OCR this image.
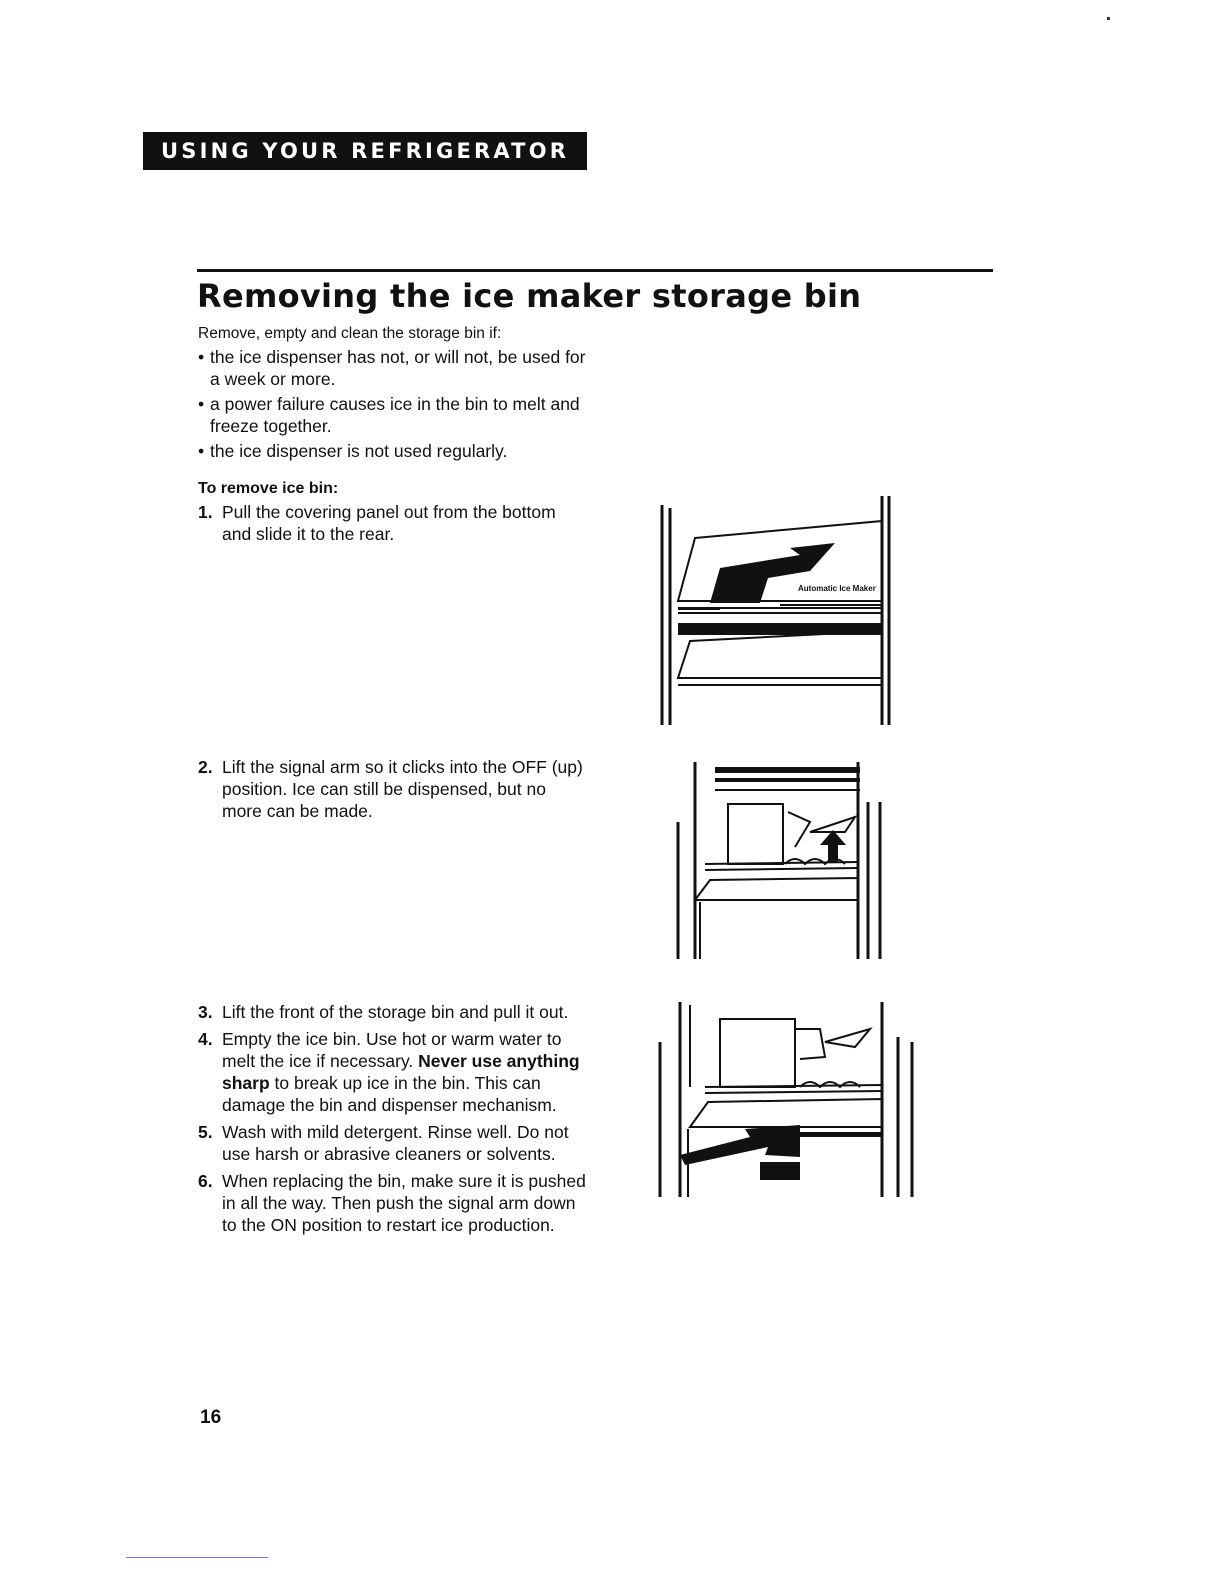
USING YOUR REFRIGERATOR
Removing the ice maker storage bin
Remove, empty and clean the storage bin if:
• the ice dispenser has not, or will not, be used for a week or more.
• a power failure causes ice in the bin to melt and freeze together.
• the ice dispenser is not used regularly.
To remove ice bin:
1. Pull the covering panel out from the bottom and slide it to the rear.
2. Lift the signal arm so it clicks into the OFF (up) position. Ice can still be dispensed, but no more can be made.
3. Lift the front of the storage bin and pull it out.
4. Empty the ice bin. Use hot or warm water to melt the ice if necessary. Never use anything sharp to break up ice in the bin. This can damage the bin and dispenser mechanism.
5. Wash with mild detergent. Rinse well. Do not use harsh or abrasive cleaners or solvents.
6. When replacing the bin, make sure it is pushed in all the way. Then push the signal arm down to the ON position to restart ice production.
Automatic Ice Maker
16
